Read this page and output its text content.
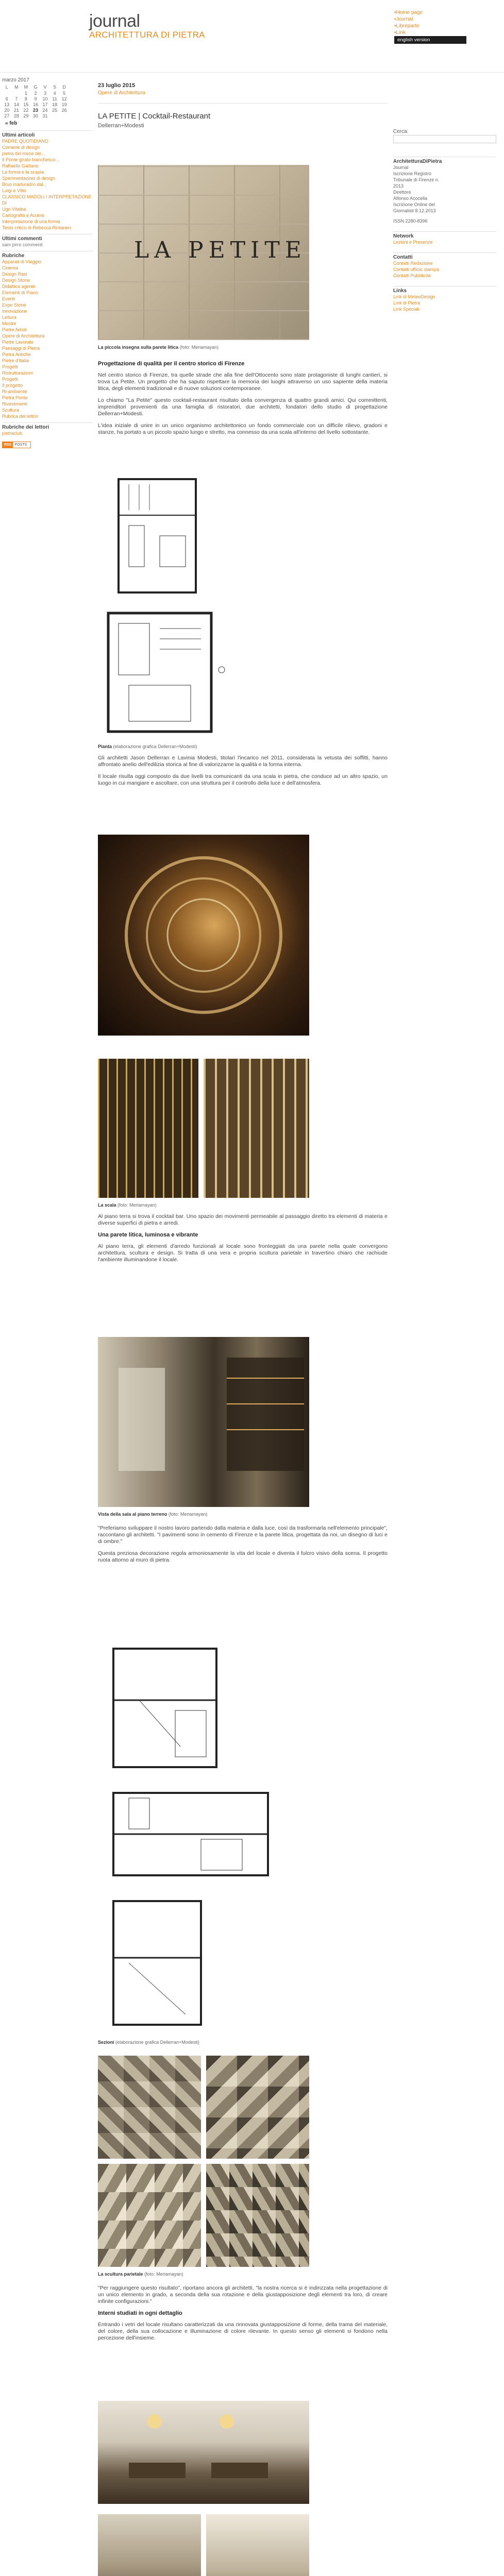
journal
ARCHITETTURA DI PIETRA
▪ Home page
▪ Journal
▪ Libreparte
▪ Link
english version
marzo 2017
L	M	M	G	V	S	D
		1	2	3	4	5
6	7	8	9	10	11	12
13	14	15	16	17	18	19
20	21	22	23	24	25	26
27	28	29	30	31		
« feb
Ultimi articoli
PADRE QUOTIDIANO
Cornerie di design
pietra del mese dei...
Il Ponte girato bianchesco...
Raffaello Galliano
La forma e la scapia
Sperimentazioni di design
Bruo maduradro dal...
Luigi e Vitto
CLASSICO MADOLI / INTERPRETAZIONE DI
Ugo Vitalea
Cartografia e Acume
Interpretazione di una forma
Testo critico di Rebecca Rintanen
Ultimi commenti
sam pirro commenti
Rubriche
Apparati di Viaggio
Cinema
Design Rasi
Design Stone
Didattica agente
Elementi di Piano
Eventi
Expo Stone
Innovazione
Lettura
Mostre
Pietre Artisti
Opere di Architettura
Pietre Lavorate
Paesaggi di Pietra
Pietra Antiche
Pietre d'Italia
Progetti
Ristrutturazioni
Progetti
Il progetto
Ri-ambiente
Pietra Ponte
Rivestimenti
Scultura
Rubrica dei lettori
Rubriche dei lettori
pietraclub
RSS POSTS
23 luglio 2015
Opere di Architettura
LA PETITE | Cocktail-Restaurant
Dellerran+Modesti
LA PETITE
La piccola insegna sulla parete litica (foto: Meriamayan)
Progettazione di qualità per il centro storico di Firenze
Nel centro storico di Firenze, tra quelle strade che alla fine dell'Ottocento sono state protagoniste di lunghi cantieri, si trova La Petite. Un progetto che ha saputo rispettare la memoria dei luoghi attraverso un uso sapiente della materia litica, degli elementi tradizionali e di nuove soluzioni contemporanee.
Lo chiamo "La Petite" questo cocktail-restaurant risultato della convergenza di quattro grandi amici. Qui committenti, imprenditori provenienti da una famiglia di ristoratori, due architetti, fondatori dello studio di progettazione Dellerran+Modesti.
L'idea iniziale di unire in un unico organismo architettonico un fondo commerciale con un difficile rilievo, gradoni e stanze, ha portato a un piccolo spazio lungo e stretto, ma connesso da una scala all'interno del livello sottostante.
Pianta (elaborazione grafica Dellerran+Modesti)
Gli architetti Jason Dellerran e Lavinia Modesti, titolari l'incarico nel 2011, considerata la vetusta dei soffitti, hanno affrontato anelio dell'edilizia storica al fine di valorizzarne la qualità e la forma interna.
Il locale risulta oggi composto da due livelli tra comunicanti da una scala in pietra, che conduce ad un altro spazio, un luogo in cui mangiare e ascoltare, con una struttura per il controllo della luce e dell'atmosfera.
La scala (foto: Meriamayan)
Al piano terra si trova il cocktail bar. Uno spazio dei movimenti permeabile al passaggio diretto tra elementi di materia e diverse superfici di pietra e arredi.
Una parete litica, luminosa e vibrante
Al piano terra, gli elementi d'arredo funzionali al locale sono fronteggiati da una parete nella quale convergono architettura, scultura e design. Si tratta di una vera e propria scultura parietale in travertino chiaro che rachiude l'ambiente illuminandone il locale.
Vista della sala al piano terreno (foto: Meriamayan)
"Preferiamo sviluppare il nostro lavoro partendo dalla materia e dalla luce, così da trasformarla nell'elemento principale", raccontano gli architetti. "I pavimenti sono in cemento di Firenze e la parete litica, progettata da noi, un disegno di luci e di ombre."
Questa preziosa decorazione regola armoniosamente la vita del locale e diventa il fulcro visivo della scena. Il progetto ruota attorno al muro di pietra.
Sezioni (elaborazione grafica Dellerran+Modesti)
La scultura parietale (foto: Meriamayan)
"Per raggiungere questo risultato", riportano ancora gli architetti, "la nostra ricerca si è indirizzata nella progettazione di un unico elemento in grado, a seconda della sua rotazione e della giustapposizione degli elementi tra loro, di creare infinite configurazioni."
Interni studiati in ogni dettaglio
Entrando i vetri del locale risultano caratterizzati da una rinnovata giustapposizione di forme, della trama del materiale, del colore, della sua collocazione e illuminazione di colore rilevante. In questo senso gli elementi si fondono nella percezione dell'insieme.
Cerca:
ArchitetturaDiPietra
Journal
Iscrizione Registro
Tribunale di Firenze n.
2013
Direttore
Alfonso Acocella
Iscrizione Online del
Giornalisti 8.12.2013
ISSN 2280-8396
Network
Lezioni e Presenze
Contatti
Contatti Redazione
Contatti ufficio stampa
Contatti Pubblicità
Links
Link di MeteoDesign
Link di Pietra
Link Speciali
